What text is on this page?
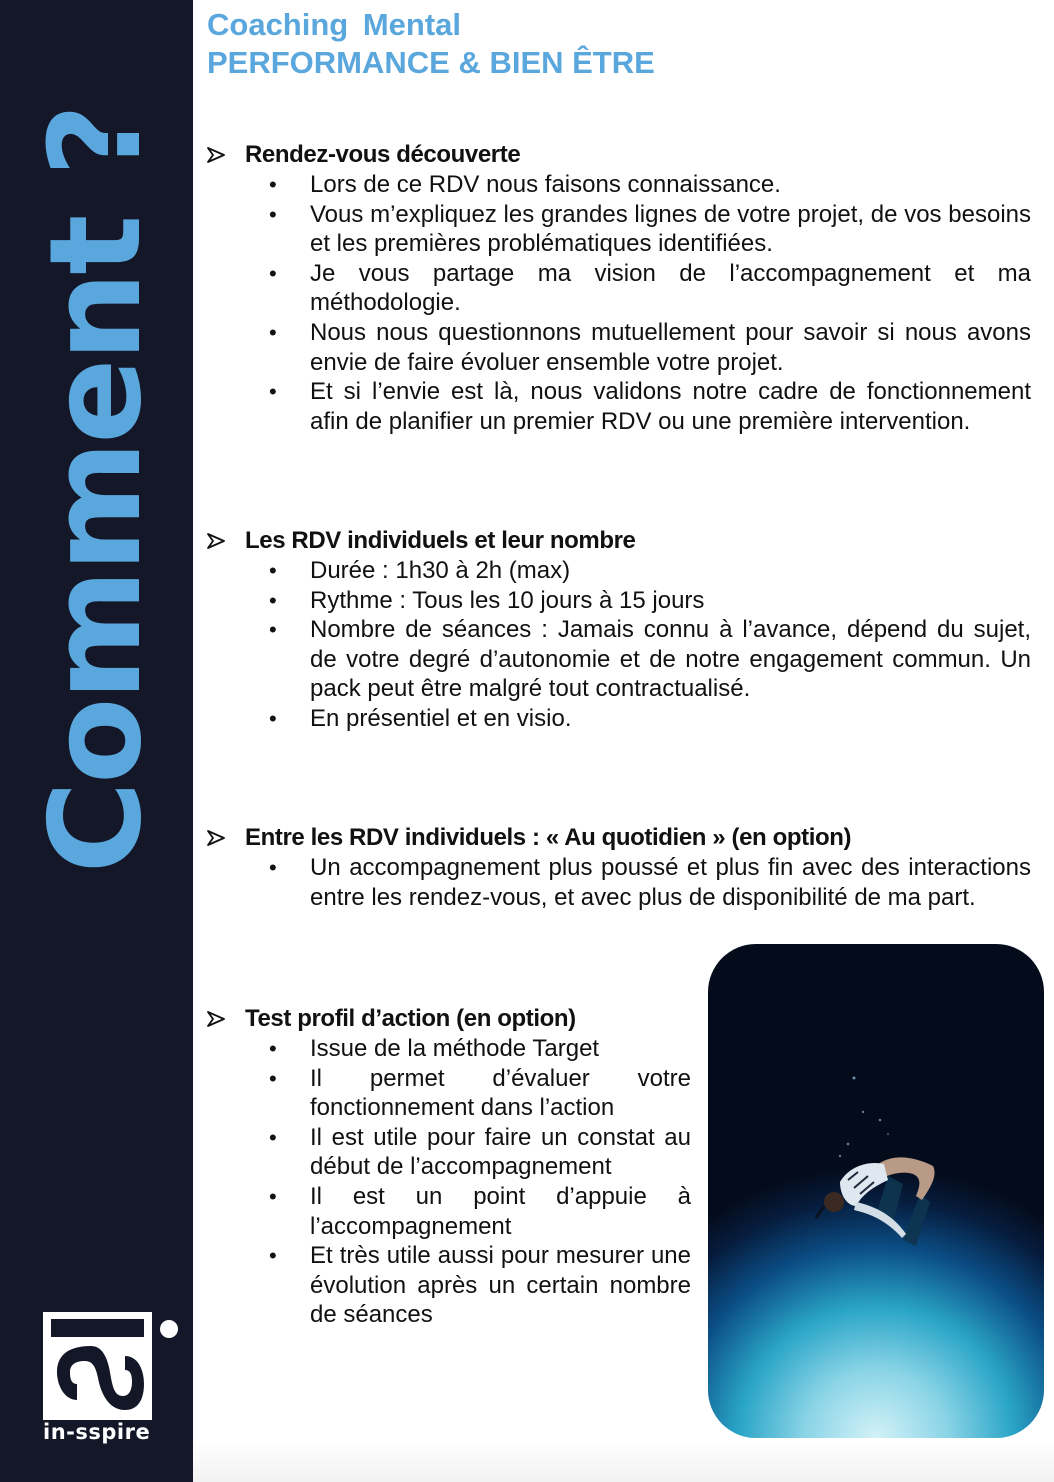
Comment ?
in-sspire
Coaching Mental
PERFORMANCE & BIEN ÊTRE
Rendez-vous découverte
• Lors de ce RDV nous faisons connaissance.
• Vous m’expliquez les grandes lignes de votre projet, de vos besoins et les premières problématiques identifiées.
• Je vous partage ma vision de l’accompagnement et ma méthodologie.
• Nous nous questionnons mutuellement pour savoir si nous avons envie de faire évoluer ensemble votre projet.
• Et si l’envie est là, nous validons notre cadre de fonctionnement afin de planifier un premier RDV ou une première intervention.
Les RDV individuels et leur nombre
• Durée : 1h30 à 2h (max)
• Rythme : Tous les 10 jours à 15 jours
• Nombre de séances : Jamais connu à l’avance, dépend du sujet, de votre degré d’autonomie et de notre engagement commun. Un pack peut être malgré tout contractualisé.
• En présentiel et en visio.
Entre les RDV individuels : « Au quotidien » (en option)
• Un accompagnement plus poussé et plus fin avec des interactions entre les rendez-vous, et avec plus de disponibilité de ma part.
Test profil d’action (en option)
• Issue de la méthode Target
• Il permet d’évaluer votre fonctionnement dans l’action
• Il est utile pour faire un constat au début de l’accompagnement
• Il est un point d’appuie à l’accompagnement
• Et très utile aussi pour mesurer une évolution après un certain nombre de séances
